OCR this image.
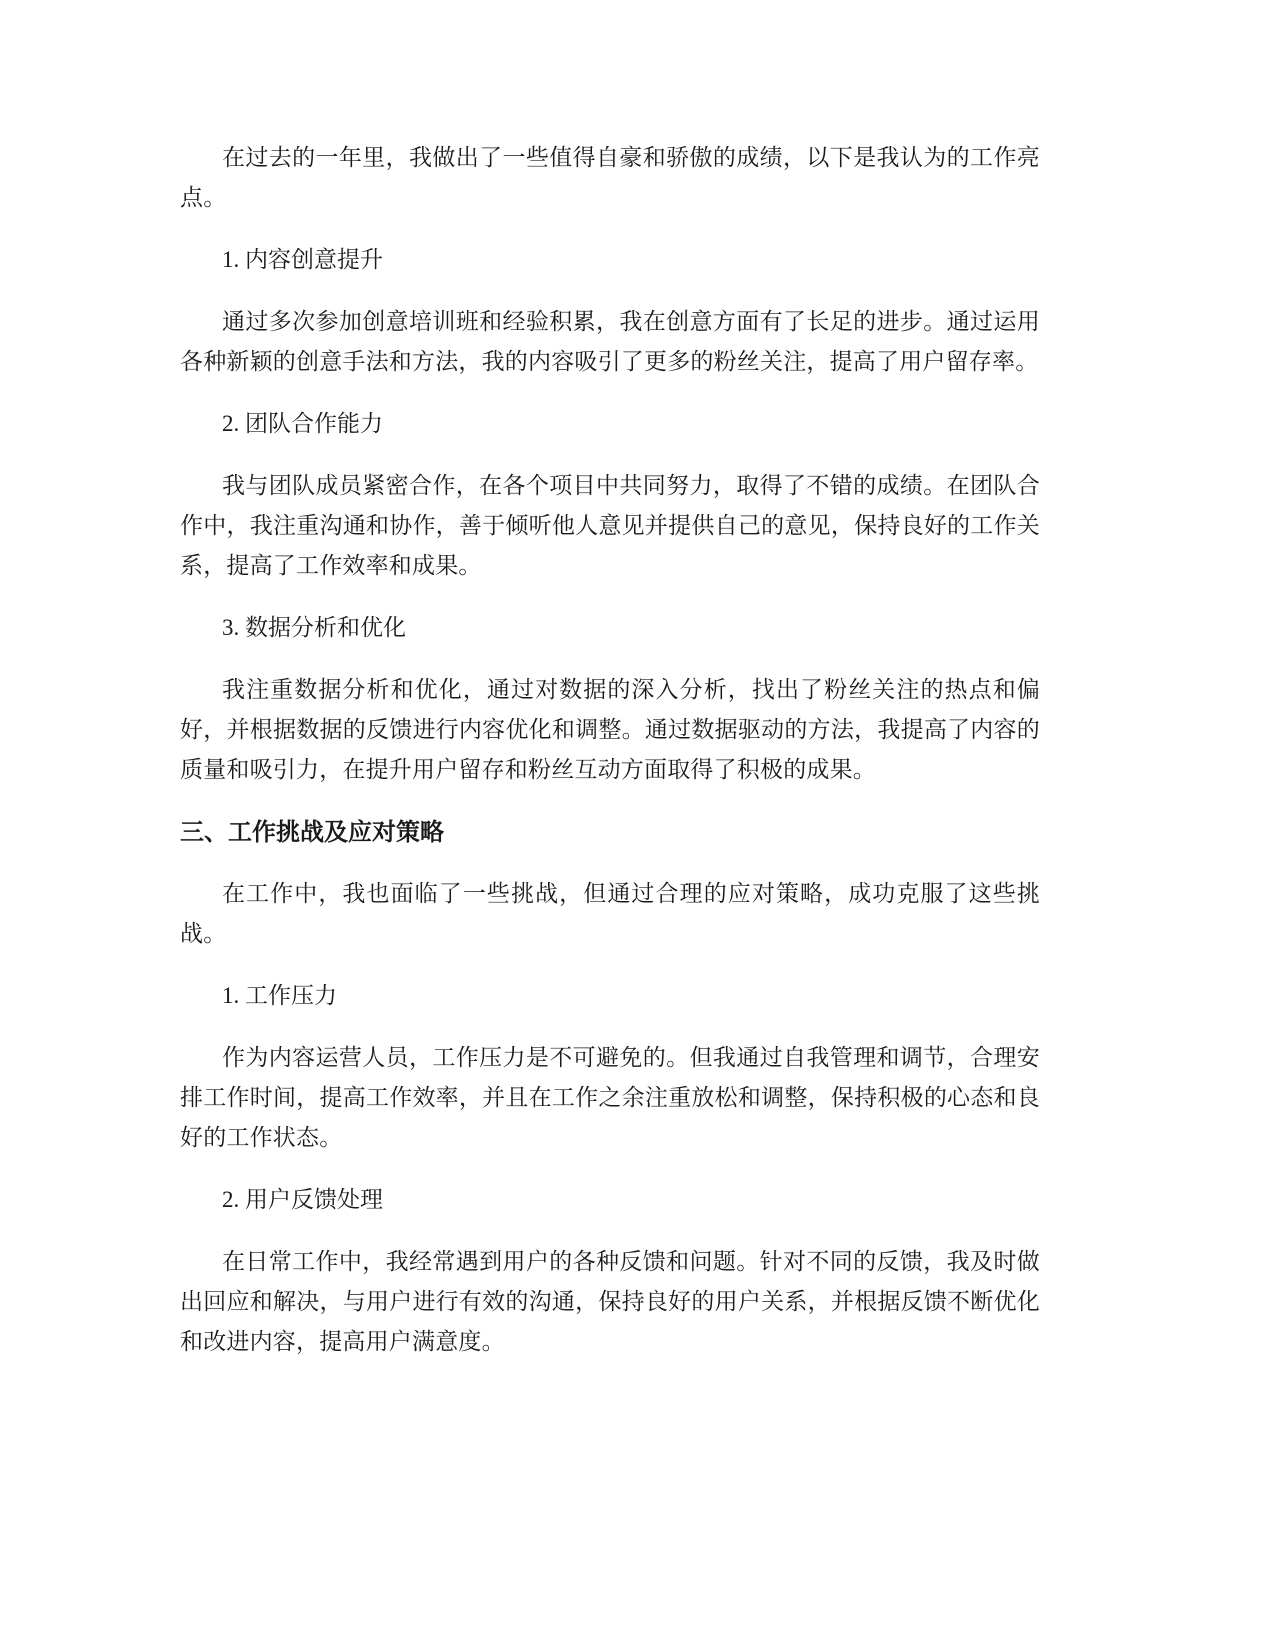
在过去的一年里，我做出了一些值得自豪和骄傲的成绩，以下是我认为的工作亮点。

1. 内容创意提升

通过多次参加创意培训班和经验积累，我在创意方面有了长足的进步。通过运用各种新颖的创意手法和方法，我的内容吸引了更多的粉丝关注，提高了用户留存率。

2. 团队合作能力

我与团队成员紧密合作，在各个项目中共同努力，取得了不错的成绩。在团队合作中，我注重沟通和协作，善于倾听他人意见并提供自己的意见，保持良好的工作关系，提高了工作效率和成果。

3. 数据分析和优化

我注重数据分析和优化，通过对数据的深入分析，找出了粉丝关注的热点和偏好，并根据数据的反馈进行内容优化和调整。通过数据驱动的方法，我提高了内容的质量和吸引力，在提升用户留存和粉丝互动方面取得了积极的成果。

三、工作挑战及应对策略

在工作中，我也面临了一些挑战，但通过合理的应对策略，成功克服了这些挑战。

1. 工作压力

作为内容运营人员，工作压力是不可避免的。但我通过自我管理和调节，合理安排工作时间，提高工作效率，并且在工作之余注重放松和调整，保持积极的心态和良好的工作状态。

2. 用户反馈处理

在日常工作中，我经常遇到用户的各种反馈和问题。针对不同的反馈，我及时做出回应和解决，与用户进行有效的沟通，保持良好的用户关系，并根据反馈不断优化和改进内容，提高用户满意度。
